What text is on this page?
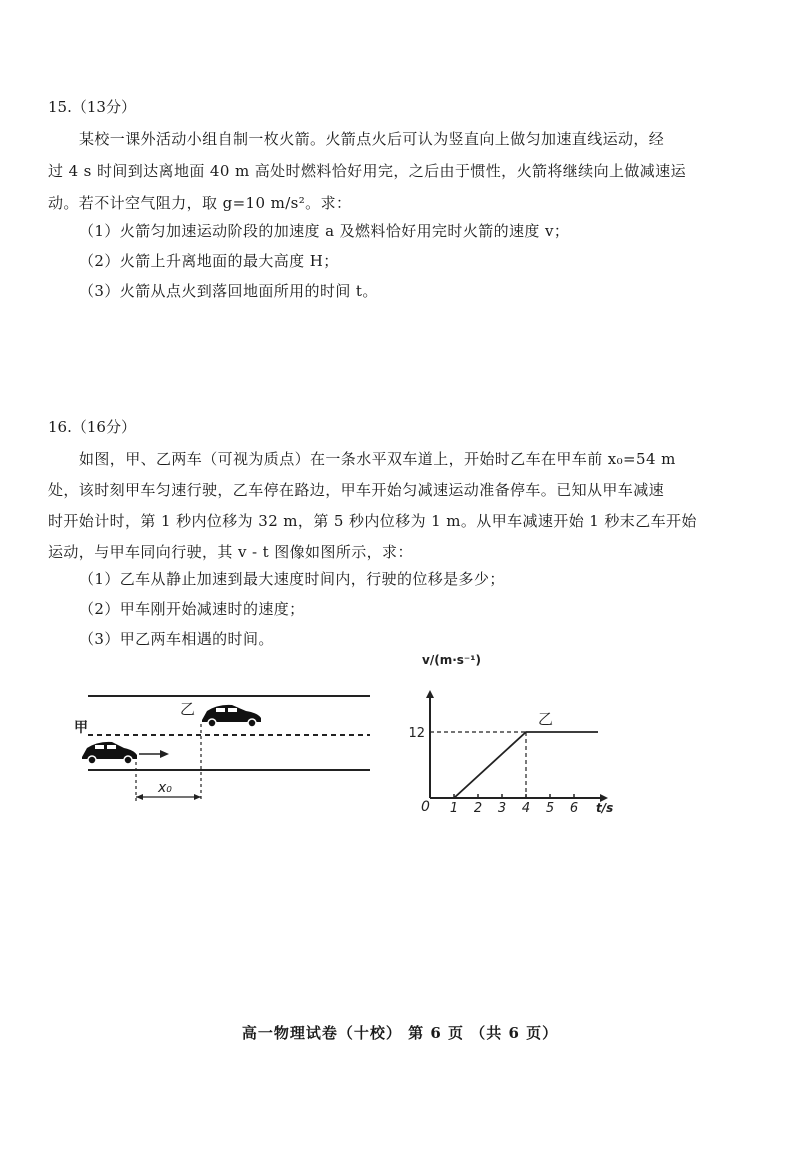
15.（13分）
某校一课外活动小组自制一枚火箭。火箭点火后可认为竖直向上做匀加速直线运动，经
过 4 s 时间到达离地面 40 m 高处时燃料恰好用完，之后由于惯性，火箭将继续向上做减速运
动。若不计空气阻力，取 g=10 m/s²。求：
（1）火箭匀加速运动阶段的加速度 a 及燃料恰好用完时火箭的速度 v；
（2）火箭上升离地面的最大高度 H；
（3）火箭从点火到落回地面所用的时间 t。
16.（16分）
如图，甲、乙两车（可视为质点）在一条水平双车道上，开始时乙车在甲车前 x₀=54 m
处，该时刻甲车匀速行驶，乙车停在路边，甲车开始匀减速运动准备停车。已知从甲车减速
时开始计时，第 1 秒内位移为 32 m，第 5 秒内位移为 1 m。从甲车减速开始 1 秒末乙车开始
运动，与甲车同向行驶，其 v - t 图像如图所示，求：
（1）乙车从静止加速到最大速度时间内，行驶的位移是多少；
（2）甲车刚开始减速时的速度；
（3）甲乙两车相遇的时间。
乙
甲
x₀
v/(m·s⁻¹)
t/s
0 1 2 3 4 5 6
12
乙
高一物理试卷（十校） 第 6 页 （共 6 页）
